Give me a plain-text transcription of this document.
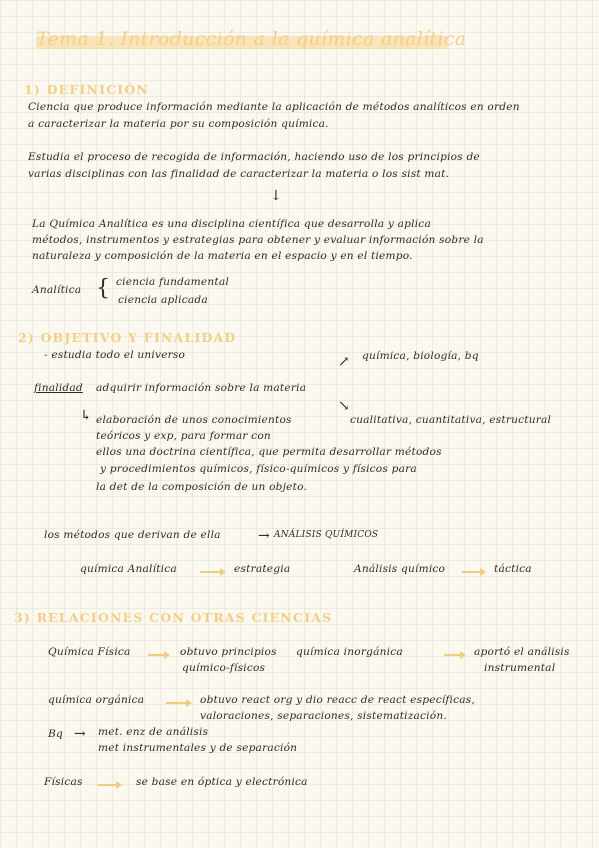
Tema 1. Introducción a la química analítica
1) DEFINICIÓN
Ciencia que produce información mediante la aplicación de métodos analíticos en orden
a caracterizar la materia por su composición química.
Estudia el proceso de recogida de información, haciendo uso de los principios de
varias disciplinas con las finalidad de caracterizar la materia o los sist mat.
↓
La Química Analítica es una disciplina científica que desarrolla y aplica
métodos, instrumentos y estrategias para obtener y evaluar información sobre la
naturaleza y composición de la materia en el espacio y en el tiempo.
Analítica { ciencia fundamental
ciencia aplicada
2) OBJETIVO Y FINALIDAD
- estudia todo el universo	↗ química, biología, bq
finalidad adquirir información sobre la materia
↘
cualitativa, cuantitativa, estructural
↳ elaboración de unos conocimientos
teóricos y exp, para formar con
ellos una doctrina científica, que permita desarrollar métodos
y procedimientos químicos, físico-químicos y físicos para
la det de la composición de un objeto.
los métodos que derivan de ella	→ ANÁLISIS QUÍMICOS
química Analítica	estrategia	Análisis químico	táctica
3) RELACIONES CON OTRAS CIENCIAS
Química Física	obtuvo principios
químico-físicos
química inorgánica	aportó el análisis
instrumental
química orgánica	obtuvo react org y dio reacc de react específicas,
valoraciones, separaciones, sistematización.
Bq → met. enz de análisis
met instrumentales y de separación
Físicas	se base en óptica y electrónica
